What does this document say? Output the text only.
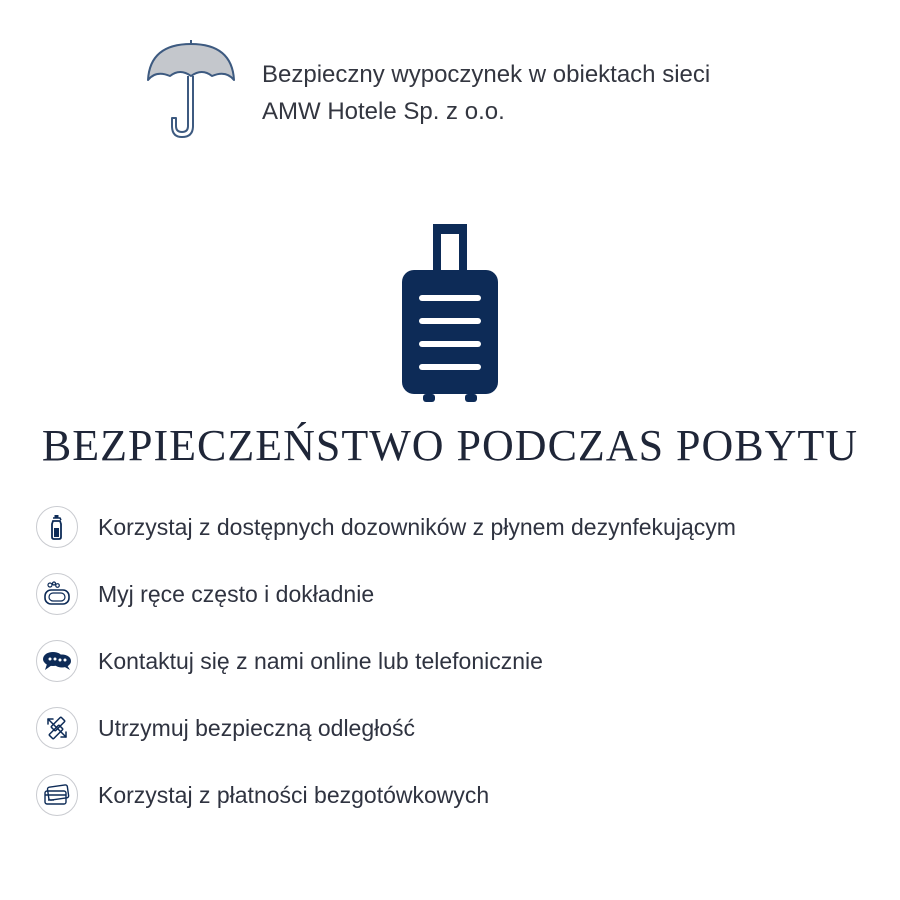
Bezpieczny wypoczynek w obiektach sieci
AMW Hotele Sp. z o.o.
BEZPIECZEŃSTWO PODCZAS POBYTU
Korzystaj z dostępnych dozowników z płynem dezynfekującym
Myj ręce często i dokładnie
Kontaktuj się z nami online lub telefonicznie
Utrzymuj bezpieczną odległość
Korzystaj z płatności bezgotówkowych
